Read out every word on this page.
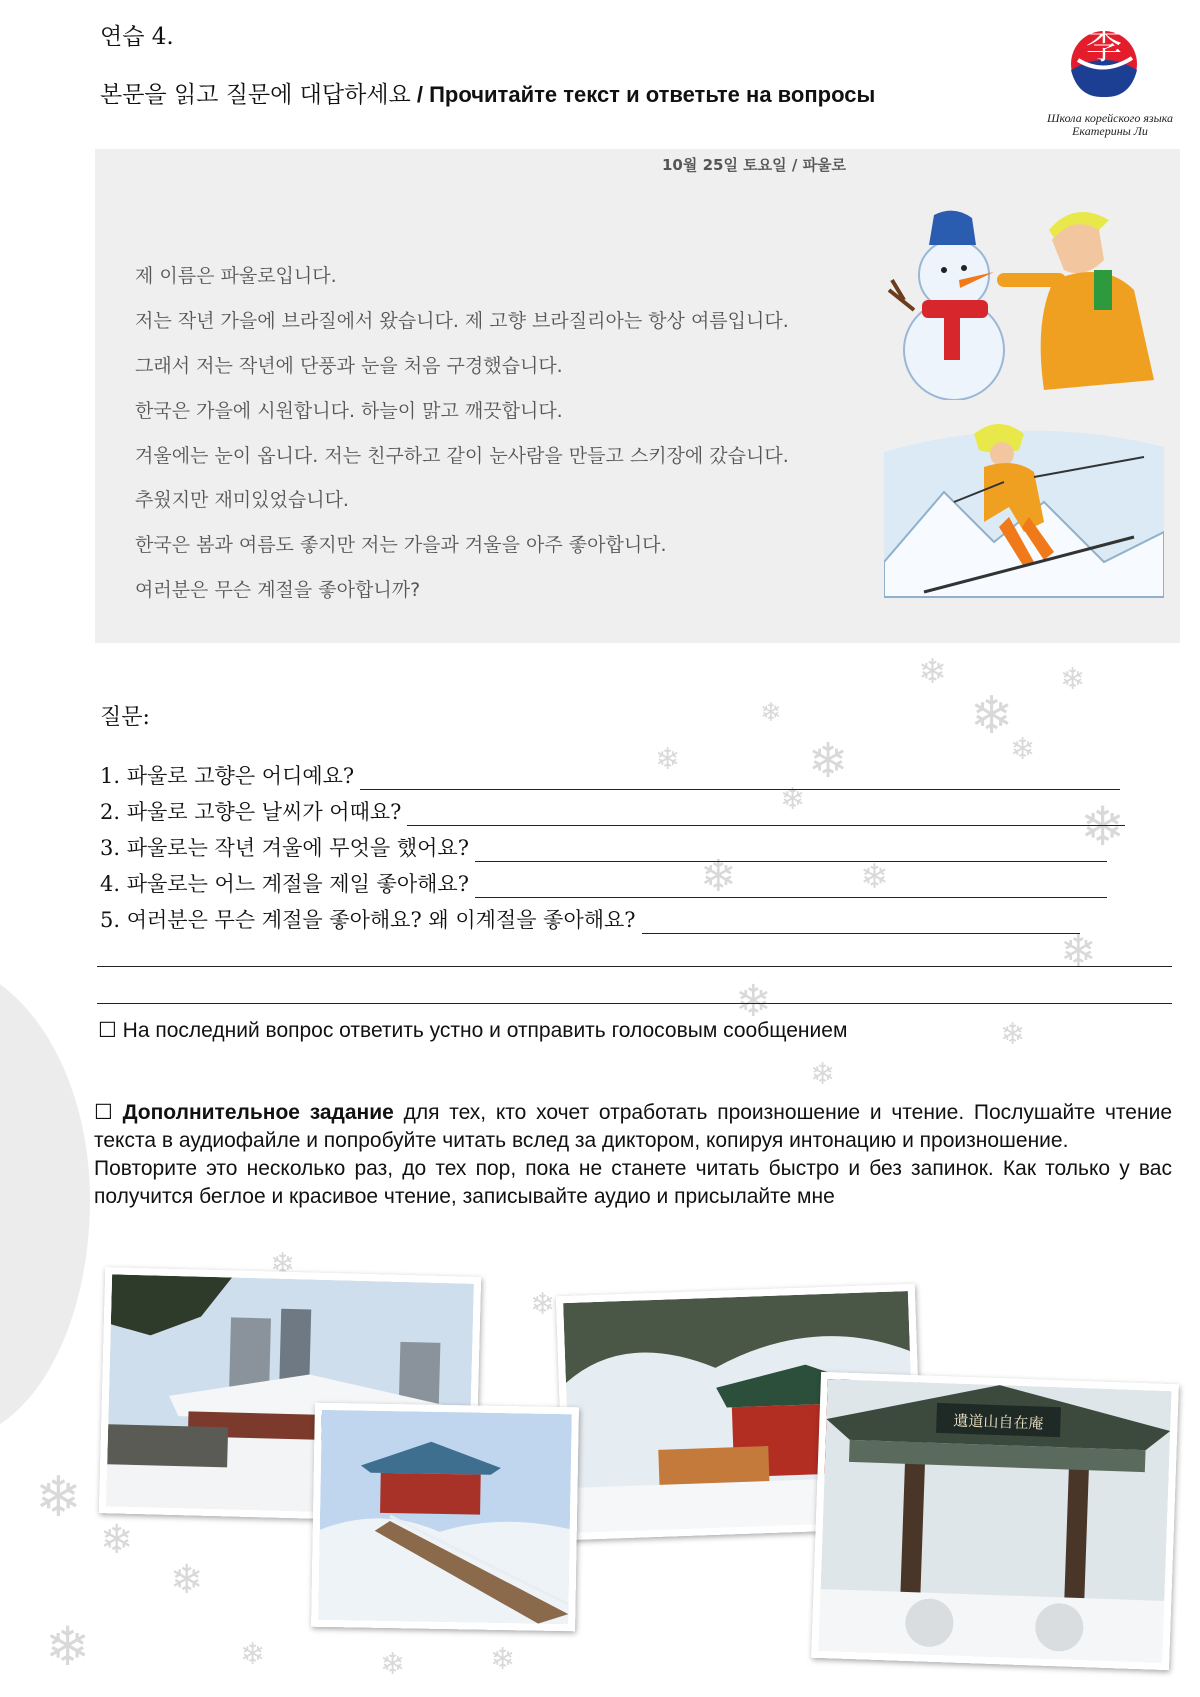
❄
❄
❄
❄
❄	❄
❄
❄	❄
❄	❄
❄
❄
❄
❄
❄
❄
❄
❄
❄
❄	❄	❄	❄
연습 4.
본문을 읽고 질문에 대답하세요 / Прочитайте текст и ответьте на вопросы
李
Школа корейского языка
Екатерины Ли
10월 25일 토요일 / 파울로
제 이름은 파울로입니다.
저는 작년 가을에 브라질에서 왔습니다. 제 고향 브라질리아는 항상 여름입니다.
그래서 저는 작년에 단풍과 눈을 처음 구경했습니다.
한국은 가을에 시원합니다. 하늘이 맑고 깨끗합니다.
겨울에는 눈이 옵니다. 저는 친구하고 같이 눈사람을 만들고 스키장에 갔습니다.
추웠지만 재미있었습니다.
한국은 봄과 여름도 좋지만 저는 가을과 겨울을 아주 좋아합니다.
여러분은 무슨 계절을 좋아합니까?
질문:
1. 파울로 고향은 어디예요?
2. 파울로 고향은 날씨가 어때요?
3. 파울로는 작년 겨울에 무엇을 했어요?
4. 파울로는 어느 계절을 제일 좋아해요?
5. 여러분은 무슨 계절을 좋아해요? 왜 이계절을 좋아해요?
☐ На последний вопрос ответить устно и отправить голосовым сообщением

☐ Дополнительное задание для тех, кто хочет отработать произношение и чтение. Послушайте чтение текста в аудиофайле и попробуйте читать вслед за диктором, копируя интонацию и произношение.

Повторите это несколько раз, до тех пор, пока не станете читать быстро и без запинок. Как только у вас получится беглое и красивое чтение, записывайте аудио и присылайте мне

遺道山自在庵
